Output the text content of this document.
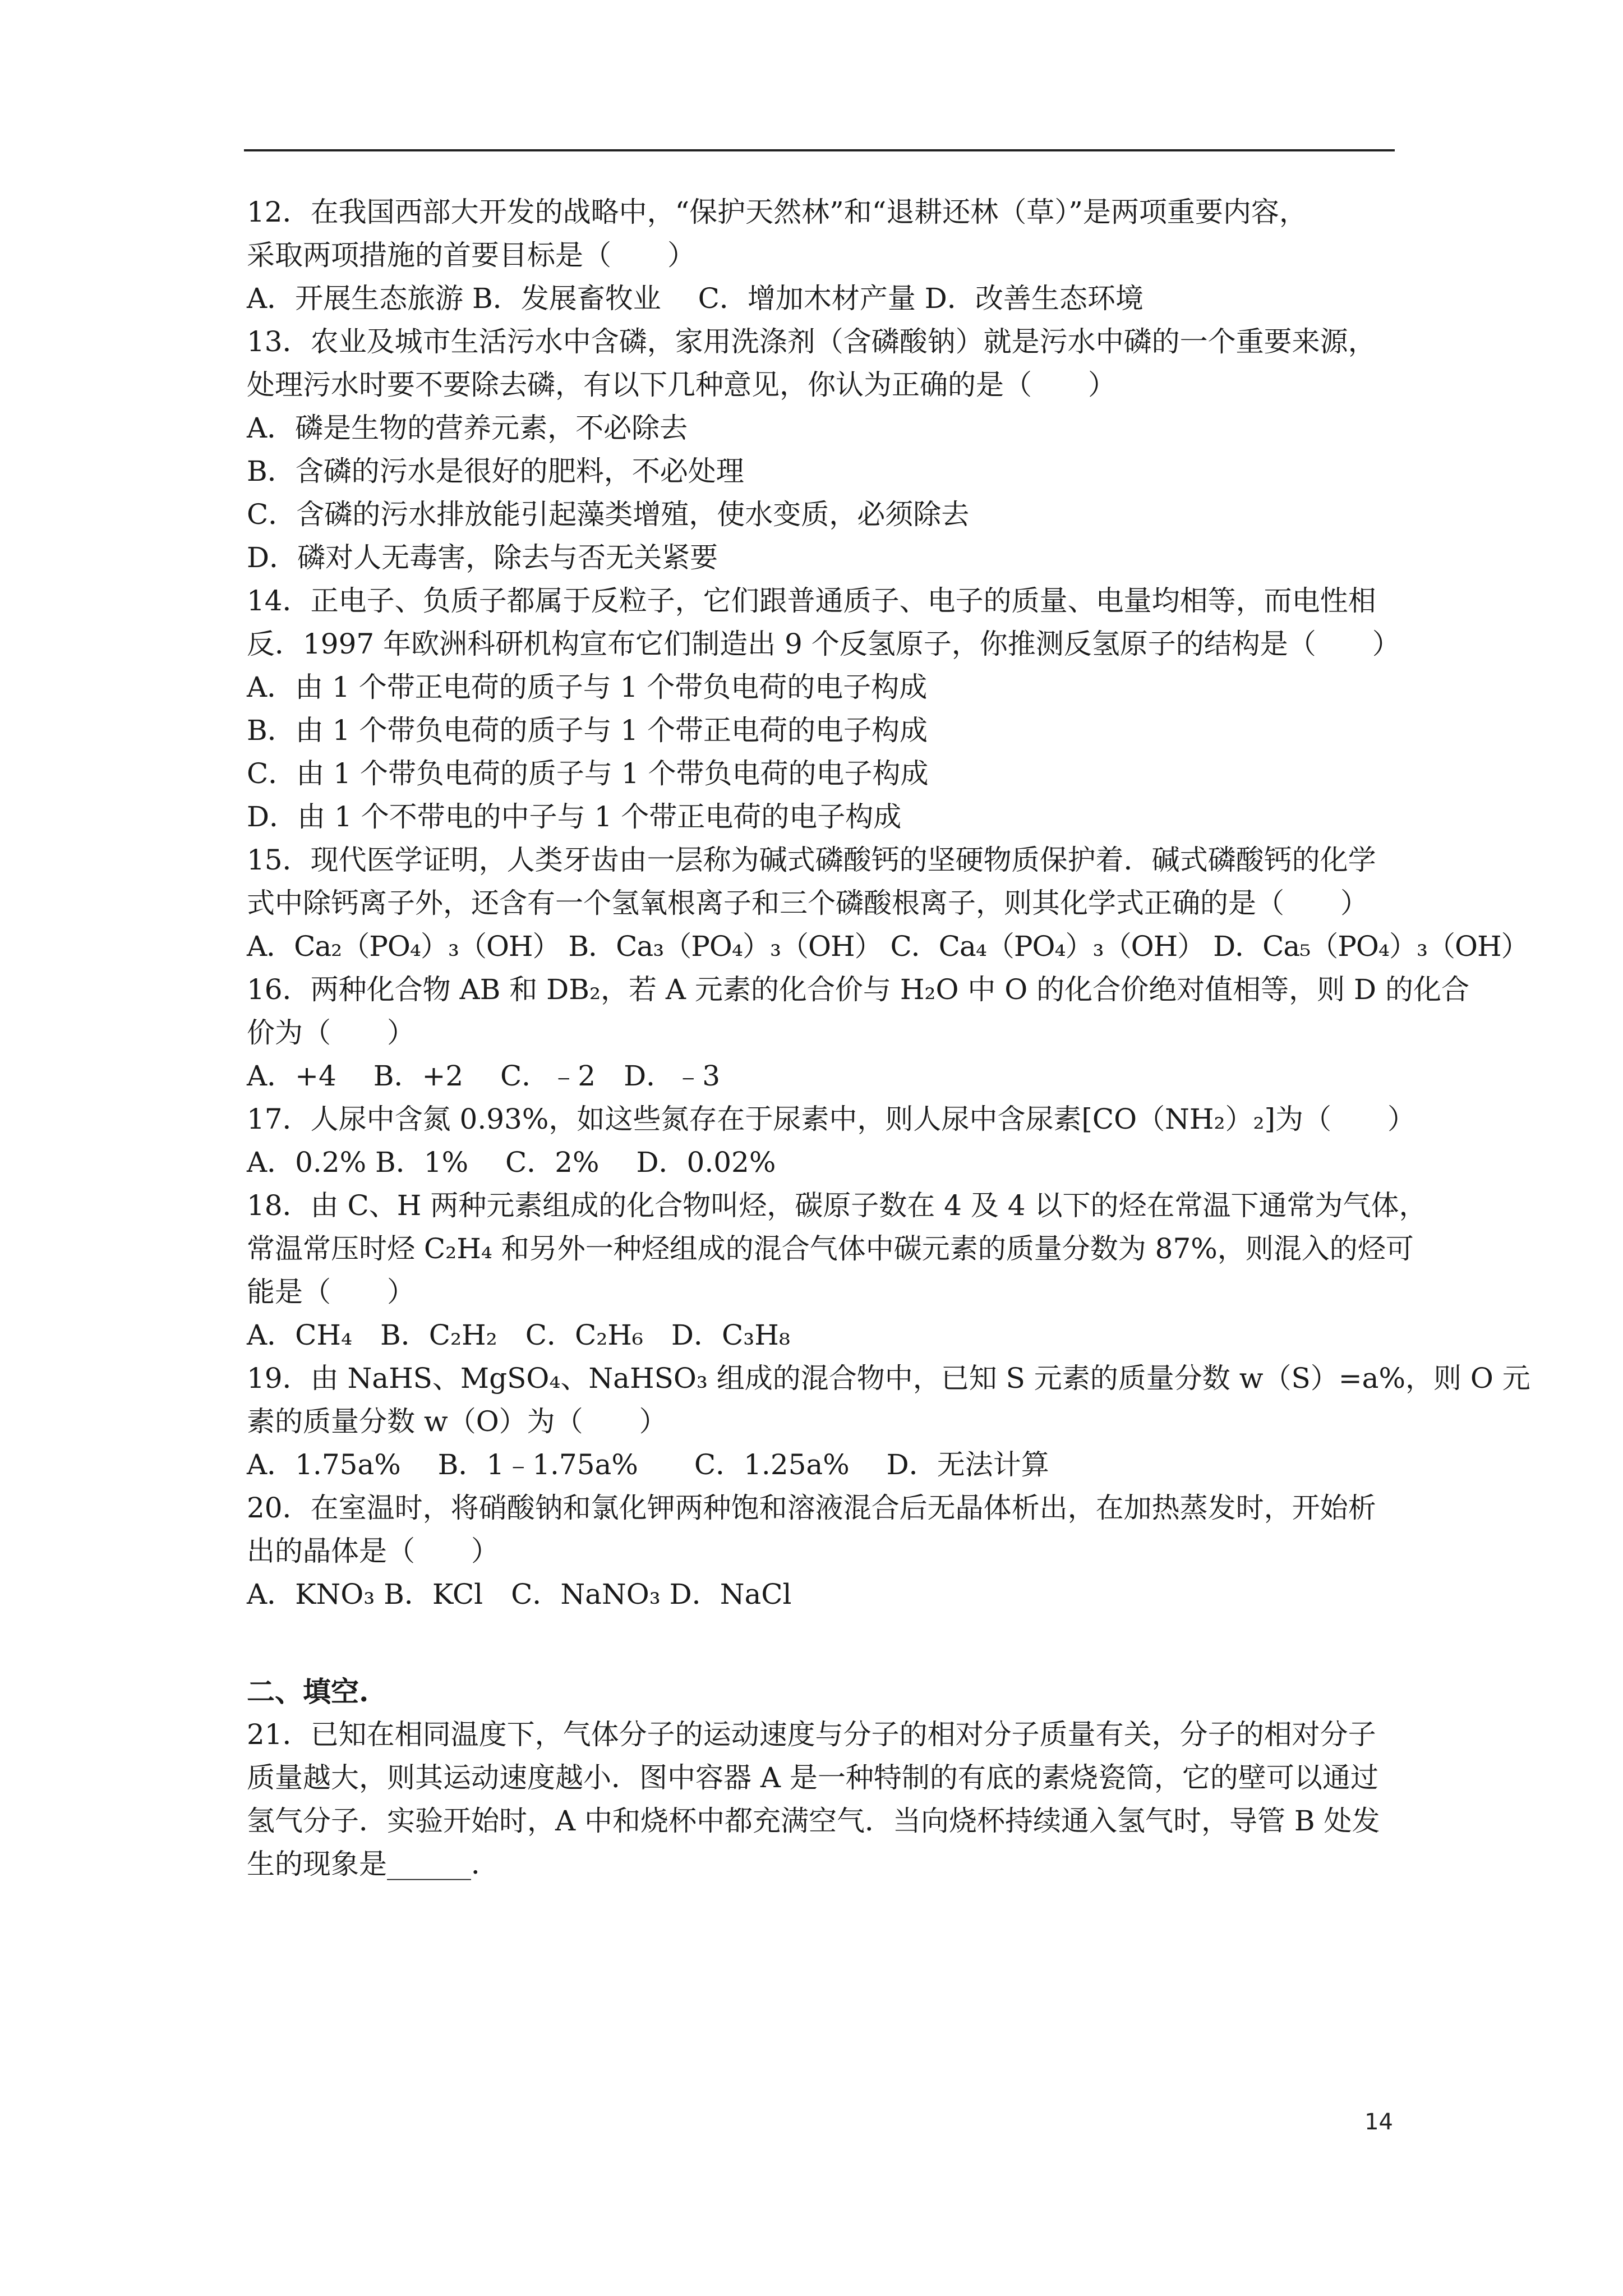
12．在我国西部大开发的战略中，“保护天然林”和“退耕还林（草）”是两项重要内容，
采取两项措施的首要目标是（　　）
A．开展生态旅游 B．发展畜牧业　 C．增加木材产量 D．改善生态环境
13．农业及城市生活污水中含磷，家用洗涤剂（含磷酸钠）就是污水中磷的一个重要来源，
处理污水时要不要除去磷，有以下几种意见，你认为正确的是（　　）
A．磷是生物的营养元素，不必除去
B．含磷的污水是很好的肥料，不必处理
C．含磷的污水排放能引起藻类增殖，使水变质，必须除去
D．磷对人无毒害，除去与否无关紧要
14．正电子、负质子都属于反粒子，它们跟普通质子、电子的质量、电量均相等，而电性相
反．1997 年欧洲科研机构宣布它们制造出 9 个反氢原子，你推测反氢原子的结构是（　　）
A．由 1 个带正电荷的质子与 1 个带负电荷的电子构成
B．由 1 个带负电荷的质子与 1 个带正电荷的电子构成
C．由 1 个带负电荷的质子与 1 个带负电荷的电子构成
D．由 1 个不带电的中子与 1 个带正电荷的电子构成
15．现代医学证明，人类牙齿由一层称为碱式磷酸钙的坚硬物质保护着．碱式磷酸钙的化学
式中除钙离子外，还含有一个氢氧根离子和三个磷酸根离子，则其化学式正确的是（　　）
A．Ca₂（PO₄）₃（OH） B．Ca₃（PO₄）₃（OH） C．Ca₄（PO₄）₃（OH） D．Ca₅（PO₄）₃（OH）
16．两种化合物 AB 和 DB₂，若 A 元素的化合价与 H₂O 中 O 的化合价绝对值相等，则 D 的化合
价为（　　）
A．+4　 B．+2　 C．﹣2　D．﹣3
17．人尿中含氮 0.93%，如这些氮存在于尿素中，则人尿中含尿素[CO（NH₂）₂]为（　　）
A．0.2% B．1%　 C．2%　 D．0.02%
18．由 C、H 两种元素组成的化合物叫烃，碳原子数在 4 及 4 以下的烃在常温下通常为气体，
常温常压时烃 C₂H₄ 和另外一种烃组成的混合气体中碳元素的质量分数为 87%，则混入的烃可
能是（　　）
A．CH₄　B．C₂H₂　C．C₂H₆　D．C₃H₈
19．由 NaHS、MgSO₄、NaHSO₃ 组成的混合物中，已知 S 元素的质量分数 w（S）=a%，则 O 元
素的质量分数 w（O）为（　　）
A．1.75a%　 B．1﹣1.75a%　　C．1.25a%　 D．无法计算
20．在室温时，将硝酸钠和氯化钾两种饱和溶液混合后无晶体析出，在加热蒸发时，开始析
出的晶体是（　　）
A．KNO₃ B．KCl　C．NaNO₃ D．NaCl
二、填空.
21．已知在相同温度下，气体分子的运动速度与分子的相对分子质量有关，分子的相对分子
质量越大，则其运动速度越小．图中容器 A 是一种特制的有底的素烧瓷筒，它的壁可以通过
氢气分子．实验开始时，A 中和烧杯中都充满空气．当向烧杯持续通入氢气时，导管 B 处发
生的现象是______．
14
